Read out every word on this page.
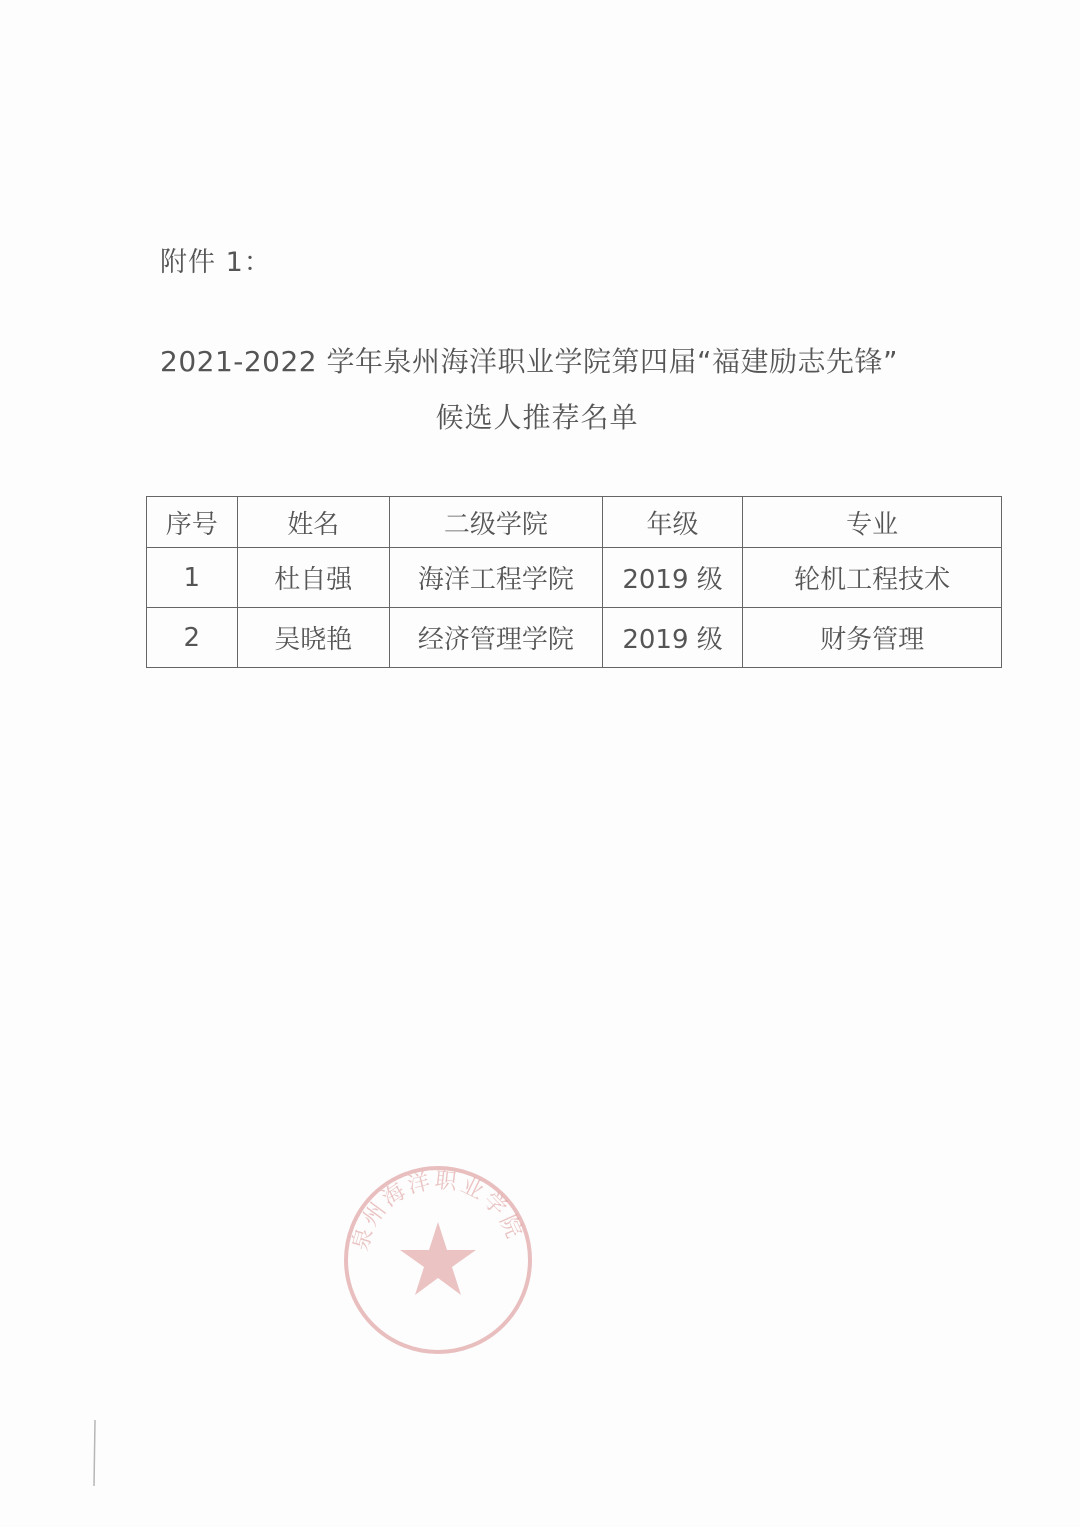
附件 1：
2021-2022 学年泉州海洋职业学院第四届“福建励志先锋”
候选人推荐名单
序号	姓名	二级学院	年级	专业
1	杜自强	海洋工程学院	2019 级	轮机工程技术
2	吴晓艳	经济管理学院	2019 级	财务管理
泉州海洋职业学院
